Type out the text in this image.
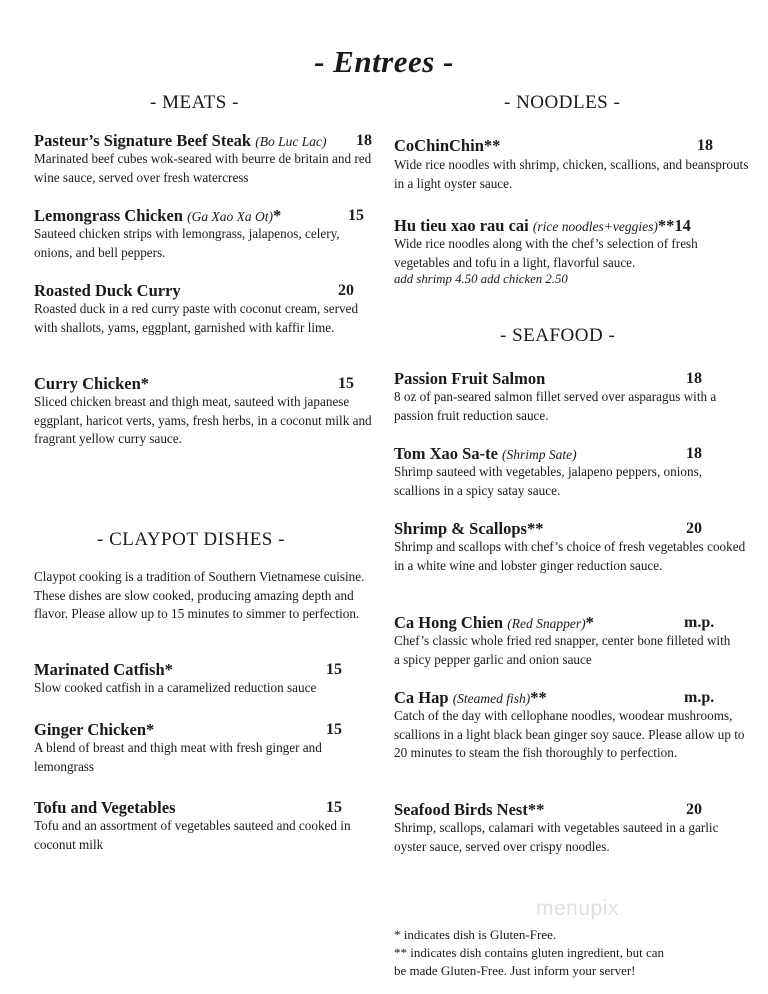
- Entrees -
- MEATS -
Pasteur’s Signature Beef Steak (Bo Luc Lac) 18
Marinated beef cubes wok-seared with beurre de britain and red wine sauce, served over fresh watercress
Lemongrass Chicken (Ga Xao Xa Ot)*	15
Sauteed chicken strips with lemongrass, jalapenos, celery, onions, and bell peppers.
Roasted Duck Curry	20
Roasted duck in a red curry paste with coconut cream, served with shallots, yams, eggplant, garnished with kaffir lime.
Curry Chicken*	15
Sliced chicken breast and thigh meat, sauteed with japanese eggplant, haricot verts, yams, fresh herbs, in a coconut milk and fragrant yellow curry sauce.
- CLAYPOT DISHES -
Claypot cooking is a tradition of Southern Vietnamese cuisine. These dishes are slow cooked, producing amazing depth and flavor. Please allow up to 15 minutes to simmer to perfection.
Marinated Catfish*	15
Slow cooked catfish in a caramelized reduction sauce
Ginger Chicken*	15
A blend of breast and thigh meat with fresh ginger and lemongrass
Tofu and Vegetables	15
Tofu and an assortment of vegetables sauteed and cooked in coconut milk
- NOODLES -
CoChinChin**	18
Wide rice noodles with shrimp, chicken, scallions, and beansprouts in a light oyster sauce.
Hu tieu xao rau cai (rice noodles+veggies)**14
Wide rice noodles along with the chef’s selection of fresh vegetables and tofu in a light, flavorful sauce.
add shrimp 4.50 add chicken 2.50
- SEAFOOD -
Passion Fruit Salmon	18
8 oz of pan-seared salmon fillet served over asparagus with a passion fruit reduction sauce.
Tom Xao Sa-te (Shrimp Sate)	18
Shrimp sauteed with vegetables, jalapeno peppers, onions, scallions in a spicy satay sauce.
Shrimp & Scallops**	20
Shrimp and scallops with chef’s choice of fresh vegetables cooked in a white wine and lobster ginger reduction sauce.
Ca Hong Chien (Red Snapper)*	m.p.
Chef’s classic whole fried red snapper, center bone filleted with a spicy pepper garlic and onion sauce
Ca Hap (Steamed fish)**	m.p.
Catch of the day with cellophane noodles, woodear mushrooms, scallions in a light black bean ginger soy sauce. Please allow up to 20 minutes to steam the fish thoroughly to perfection.
Seafood Birds Nest**	20
Shrimp, scallops, calamari with vegetables sauteed in a garlic oyster sauce, served over crispy noodles.
menupix
* indicates dish is Gluten-Free.
** indicates dish contains gluten ingredient, but can
be made Gluten-Free. Just inform your server!
